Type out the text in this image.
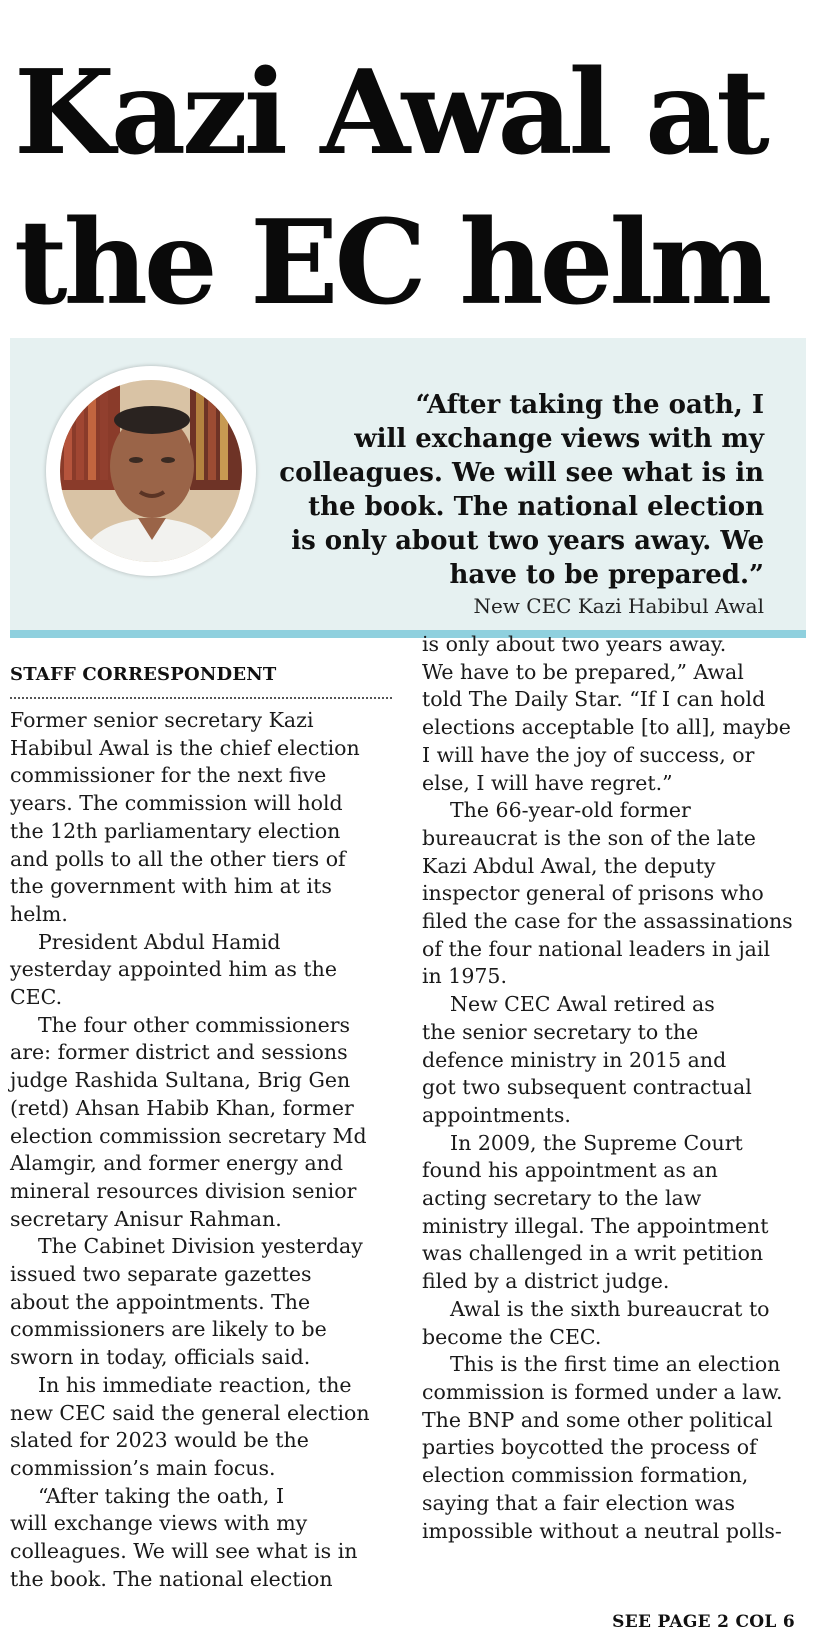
Kazi Awal at
the EC helm
“After taking the oath, I
will exchange views with my
colleagues. We will see what is in
the book. The national election
is only about two years away. We
have to be prepared.”
New CEC Kazi Habibul Awal
STAFF CORRESPONDENT
Former senior secretary Kazi
Habibul Awal is the chief election
commissioner for the next five
years. The commission will hold
the 12th parliamentary election
and polls to all the other tiers of
the government with him at its
helm.
President Abdul Hamid
yesterday appointed him as the
CEC.
The four other commissioners
are: former district and sessions
judge Rashida Sultana, Brig Gen
(retd) Ahsan Habib Khan, former
election commission secretary Md
Alamgir, and former energy and
mineral resources division senior
secretary Anisur Rahman.
The Cabinet Division yesterday
issued two separate gazettes
about the appointments. The
commissioners are likely to be
sworn in today, officials said.
In his immediate reaction, the
new CEC said the general election
slated for 2023 would be the
commission’s main focus.
“After taking the oath, I
will exchange views with my
colleagues. We will see what is in
the book. The national election
is only about two years away.
We have to be prepared,” Awal
told The Daily Star. “If I can hold
elections acceptable [to all], maybe
I will have the joy of success, or
else, I will have regret.”
The 66-year-old former
bureaucrat is the son of the late
Kazi Abdul Awal, the deputy
inspector general of prisons who
filed the case for the assassinations
of the four national leaders in jail
in 1975.
New CEC Awal retired as
the senior secretary to the
defence ministry in 2015 and
got two subsequent contractual
appointments.
In 2009, the Supreme Court
found his appointment as an
acting secretary to the law
ministry illegal. The appointment
was challenged in a writ petition
filed by a district judge.
Awal is the sixth bureaucrat to
become the CEC.
This is the first time an election
commission is formed under a law.
The BNP and some other political
parties boycotted the process of
election commission formation,
saying that a fair election was
impossible without a neutral polls-
SEE PAGE 2 COL 6
